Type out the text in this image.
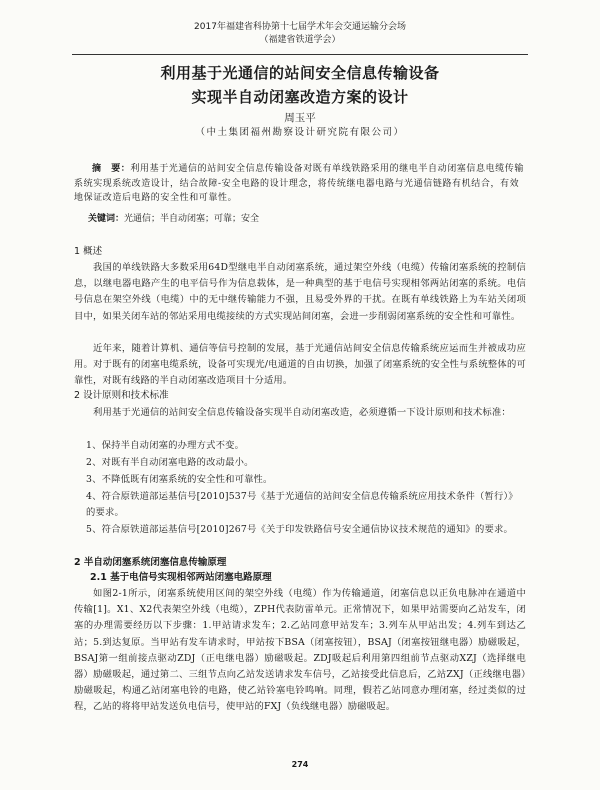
2017年福建省科协第十七届学术年会交通运输分会场
（福建省铁道学会）
利用基于光通信的站间安全信息传输设备
实现半自动闭塞改造方案的设计
周玉平
（中土集团福州勘察设计研究院有限公司）
摘　要：利用基于光通信的站间安全信息传输设备对既有单线铁路采用的继电半自动闭塞信息电缆传输系统实现系统改造设计，结合故障-安全电路的设计理念，将传统继电器电路与光通信链路有机结合，有效地保证改造后电路的安全性和可靠性。
关键词：光通信；半自动闭塞；可靠；安全
1 概述
我国的单线铁路大多数采用64D型继电半自动闭塞系统，通过架空外线（电缆）传输闭塞系统的控制信息，以继电器电路产生的电平信号作为信息载体，是一种典型的基于电信号实现相邻两站闭塞的系统。电信号信息在架空外线（电缆）中的无中继传输能力不强，且易受外界的干扰。在既有单线铁路上为车站关闭项目中，如果关闭车站的邻站采用电缆接续的方式实现站间闭塞，会进一步削弱闭塞系统的安全性和可靠性。
近年来，随着计算机、通信等信号控制的发展，基于光通信站间安全信息传输系统应运而生并被成功应用。对于既有的闭塞电缆系统，设备可实现光/电通道的自由切换，加强了闭塞系统的安全性与系统整体的可靠性，对既有线路的半自动闭塞改造项目十分适用。
2 设计原则和技术标准
利用基于光通信的站间安全信息传输设备实现半自动闭塞改造，必须遵循一下设计原则和技术标准：
1、保持半自动闭塞的办理方式不变。
2、对既有半自动闭塞电路的改动最小。
3、不降低既有闭塞系统的安全性和可靠性。
4、符合原铁道部运基信号[2010]537号《基于光通信的站间安全信息传输系统应用技术条件（暂行）》的要求。
5、符合原铁道部运基信号[2010]267号《关于印发铁路信号安全通信协议技术规范的通知》的要求。
2 半自动闭塞系统闭塞信息传输原理
2.1 基于电信号实现相邻两站闭塞电路原理
如图2-1所示，闭塞系统使用区间的架空外线（电缆）作为传输通道，闭塞信息以正负电脉冲在通道中传输[1]。X1、X2代表架空外线（电缆），ZPH代表防雷单元。正常情况下，如果甲站需要向乙站发车，闭塞的办理需要经历以下步骤：1.甲站请求发车；2.乙站同意甲站发车；3.列车从甲站出发；4.列车到达乙站；5.到达复原。当甲站有发车请求时，甲站按下BSA（闭塞按钮），BSAJ（闭塞按钮继电器）励磁吸起，BSAJ第一组前接点驱动ZDJ（正电继电器）励磁吸起。ZDJ吸起后利用第四组前节点驱动XZJ（选择继电器）励磁吸起，通过第二、三组节点向乙站发送请求发车信号，乙站接受此信息后，乙站ZXJ（正线继电器）励磁吸起，构通乙站闭塞电铃的电路，使乙站铃塞电铃鸣响。同理，假若乙站同意办理闭塞，经过类似的过程，乙站的将将甲站发送负电信号，使甲站的FXJ（负线继电器）励磁吸起。
274
